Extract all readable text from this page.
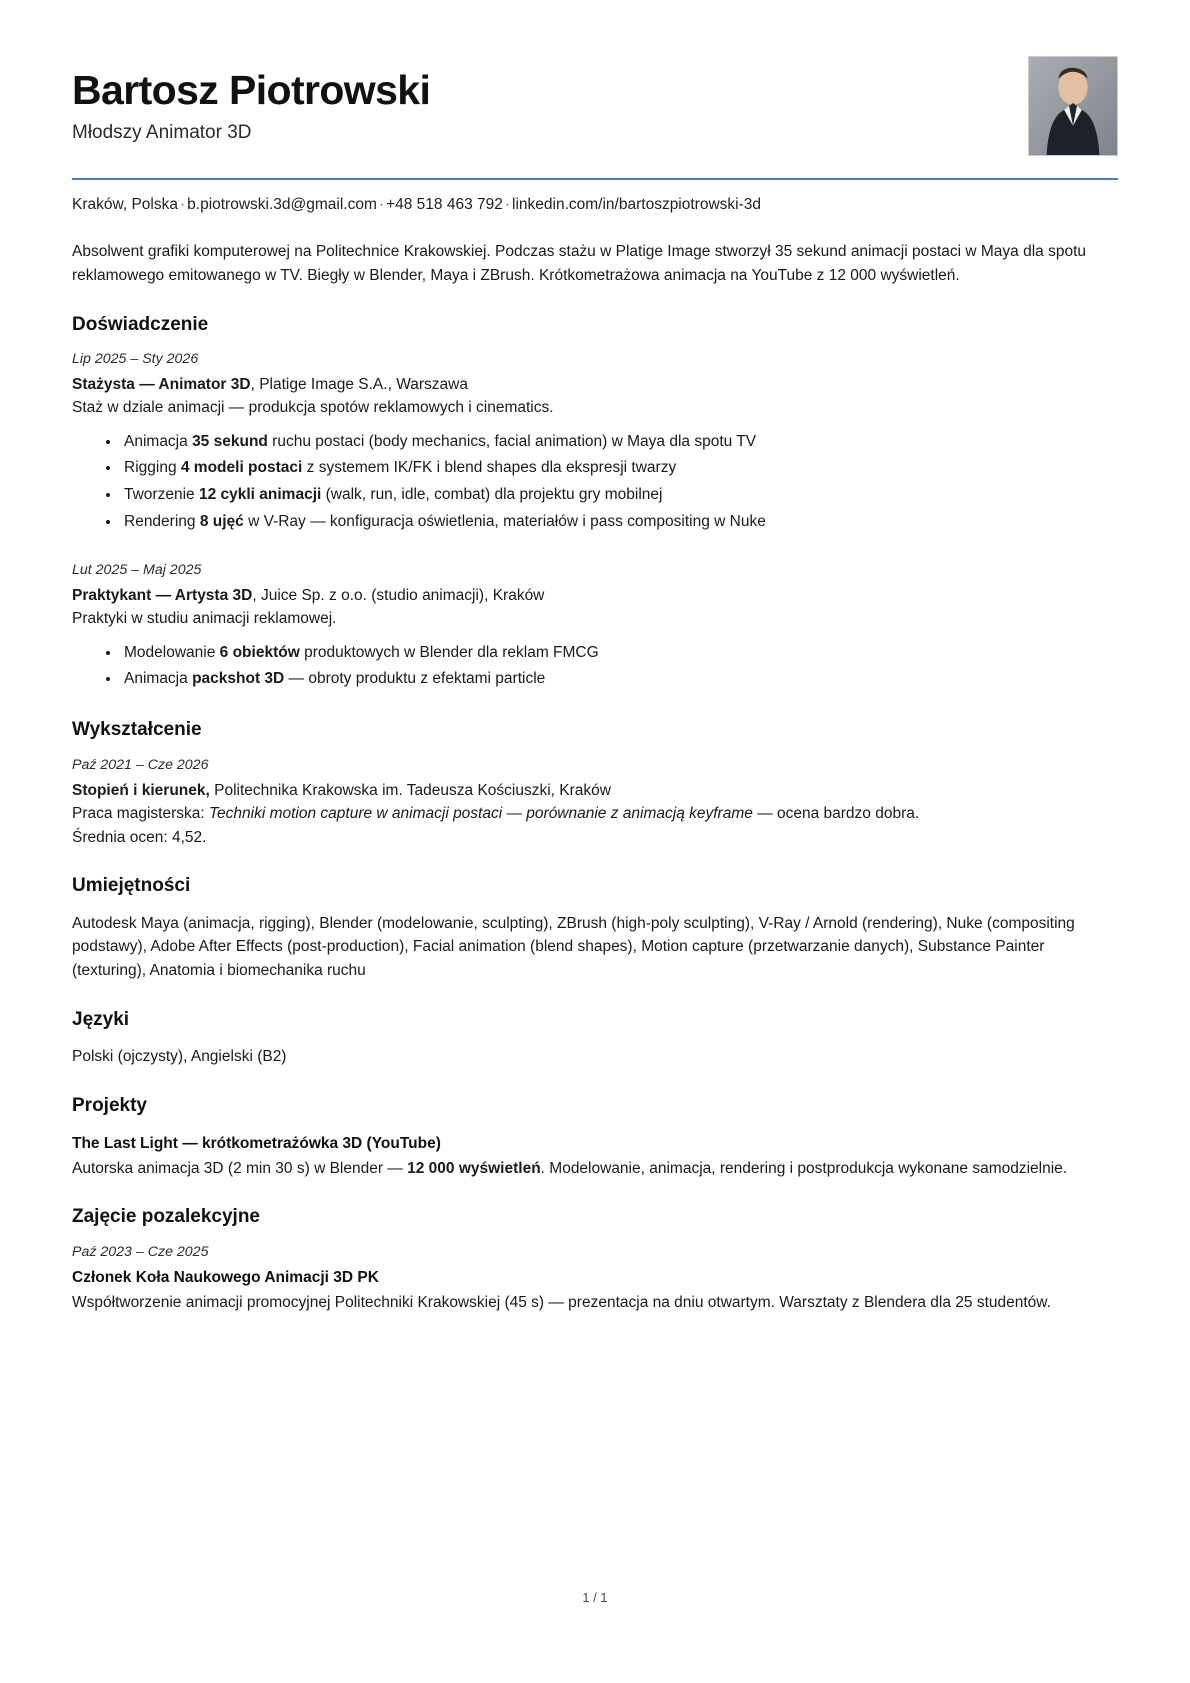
Bartosz Piotrowski
Młodszy Animator 3D
Kraków, Polska · b.piotrowski.3d@gmail.com · +48 518 463 792 · linkedin.com/in/bartoszpiotrowski-3d

Absolwent grafiki komputerowej na Politechnice Krakowskiej. Podczas stażu w Platige Image stworzył 35 sekund animacji postaci w Maya dla spotu reklamowego emitowanego w TV. Biegły w Blender, Maya i ZBrush. Krótkometrażowa animacja na YouTube z 12 000 wyświetleń.

Doświadczenie
Lip 2025 – Sty 2026
Stażysta — Animator 3D, Platige Image S.A., Warszawa
Staż w dziale animacji — produkcja spotów reklamowych i cinematics.
Animacja 35 sekund ruchu postaci (body mechanics, facial animation) w Maya dla spotu TV
Rigging 4 modeli postaci z systemem IK/FK i blend shapes dla ekspresji twarzy
Tworzenie 12 cykli animacji (walk, run, idle, combat) dla projektu gry mobilnej
Rendering 8 ujęć w V-Ray — konfiguracja oświetlenia, materiałów i pass compositing w Nuke
Lut 2025 – Maj 2025
Praktykant — Artysta 3D, Juice Sp. z o.o. (studio animacji), Kraków
Praktyki w studiu animacji reklamowej.
Modelowanie 6 obiektów produktowych w Blender dla reklam FMCG
Animacja packshot 3D — obroty produktu z efektami particle
Wykształcenie
Paź 2021 – Cze 2026
Stopień i kierunek, Politechnika Krakowska im. Tadeusza Kościuszki, Kraków
Praca magisterska: Techniki motion capture w animacji postaci — porównanie z animacją keyframe — ocena bardzo dobra.
Średnia ocen: 4,52.
Umiejętności

Autodesk Maya (animacja, rigging), Blender (modelowanie, sculpting), ZBrush (high-poly sculpting), V-Ray / Arnold (rendering), Nuke (compositing podstawy), Adobe After Effects (post-production), Facial animation (blend shapes), Motion capture (przetwarzanie danych), Substance Painter (texturing), Anatomia i biomechanika ruchu

Języki

Polski (ojczysty), Angielski (B2)

Projekty
The Last Light — krótkometrażówka 3D (YouTube)

Autorska animacja 3D (2 min 30 s) w Blender — 12 000 wyświetleń. Modelowanie, animacja, rendering i postprodukcja wykonane samodzielnie.

Zajęcie pozalekcyjne
Paź 2023 – Cze 2025
Członek Koła Naukowego Animacji 3D PK

Współtworzenie animacji promocyjnej Politechniki Krakowskiej (45 s) — prezentacja na dniu otwartym. Warsztaty z Blendera dla 25 studentów.

1 / 1
